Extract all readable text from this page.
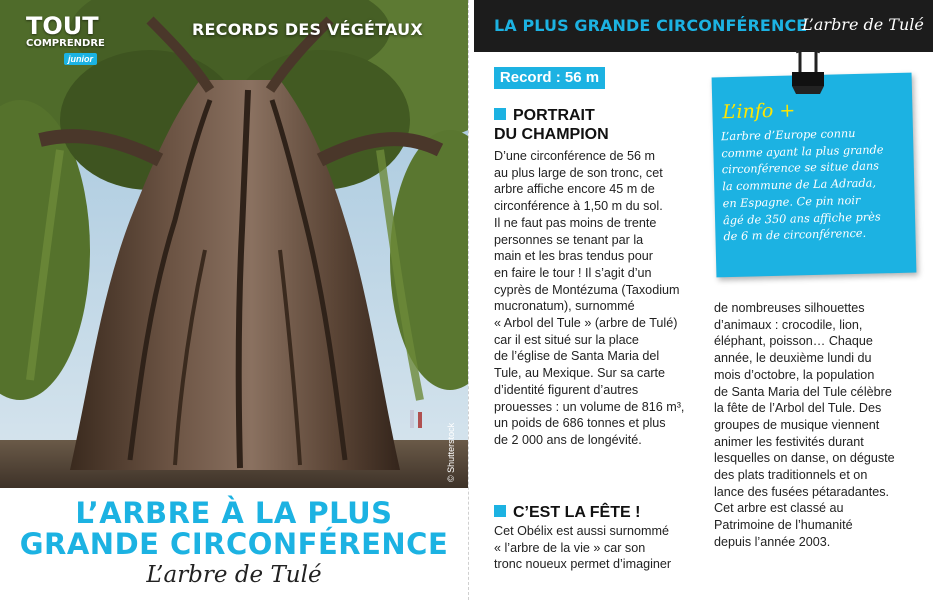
TOUT
COMPRENDRE
junior
RECORDS DES VÉGÉTAUX
© Shutterstock
L’ARBRE À LA PLUS
GRANDE CIRCONFÉRENCE
L’arbre de Tulé
LA PLUS GRANDE CIRCONFÉRENCE
L’arbre de Tulé
Record : 56 m
PORTRAIT
DU CHAMPION
D’une circonférence de 56 m
au plus large de son tronc, cet
arbre affiche encore 45 m de
circonférence à 1,50 m du sol.
Il ne faut pas moins de trente
personnes se tenant par la
main et les bras tendus pour
en faire le tour ! Il s’agit d’un
cyprès de Montézuma (Taxodium
mucronatum), surnommé
« Arbol del Tule » (arbre de Tulé)
car il est situé sur la place
de l’église de Santa Maria del
Tule, au Mexique. Sur sa carte
d’identité figurent d’autres
prouesses : un volume de 816 m³,
un poids de 686 tonnes et plus
de 2 000 ans de longévité.
C’EST LA FÊTE !
Cet Obélix est aussi surnommé
« l’arbre de la vie » car son
tronc noueux permet d’imaginer
de nombreuses silhouettes
d’animaux : crocodile, lion,
éléphant, poisson… Chaque
année, le deuxième lundi du
mois d’octobre, la population
de Santa Maria del Tule célèbre
la fête de l’Arbol del Tule. Des
groupes de musique viennent
animer les festivités durant
lesquelles on danse, on déguste
des plats traditionnels et on
lance des fusées pétaradantes.
Cet arbre est classé au
Patrimoine de l’humanité
depuis l’année 2003.
L’info +
L’arbre d’Europe connu
comme ayant la plus grande
circonférence se situe dans
la commune de La Adrada,
en Espagne. Ce pin noir
âgé de 350 ans affiche près
de 6 m de circonférence.
